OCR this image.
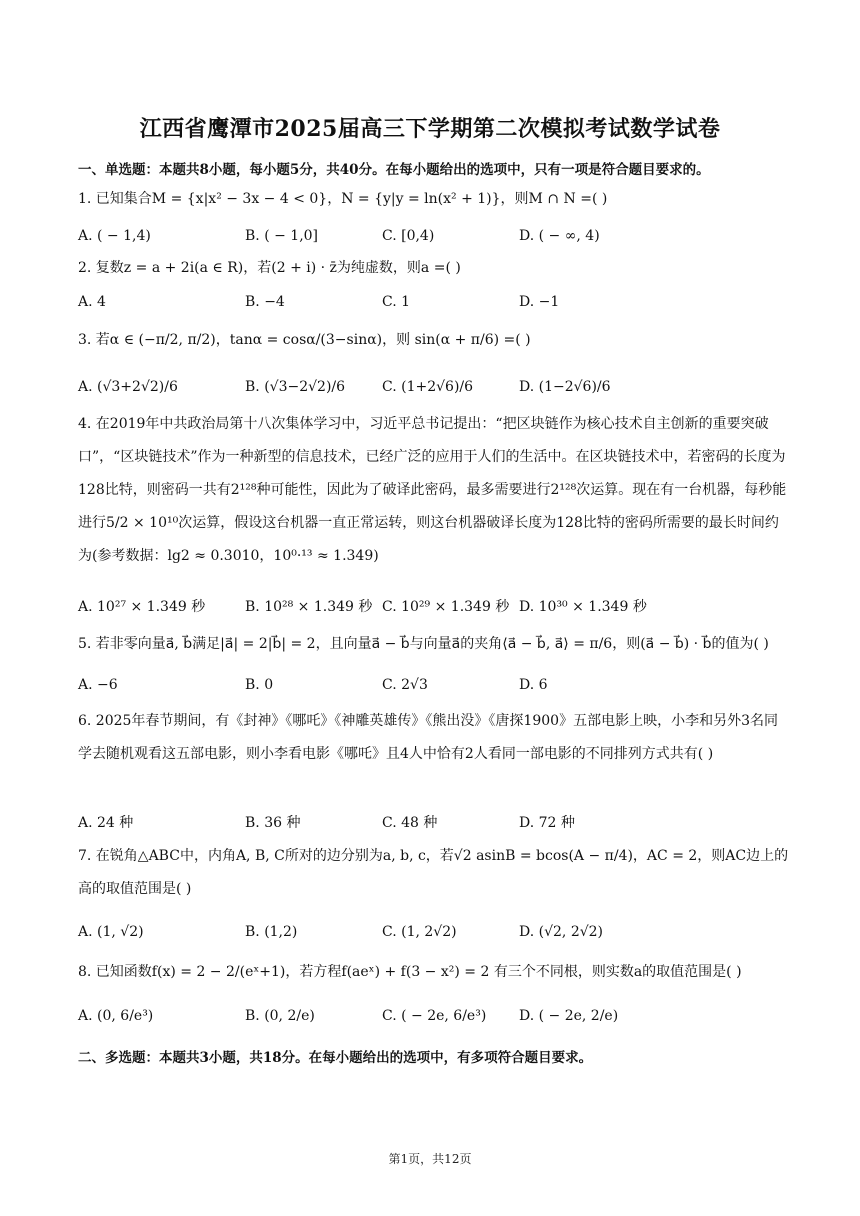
江西省鹰潭市2025届高三下学期第二次模拟考试数学试卷
一、单选题：本题共8小题，每小题5分，共40分。在每小题给出的选项中，只有一项是符合题目要求的。
1. 已知集合M = {x|x² − 3x − 4 < 0}，N = {y|y = ln(x² + 1)}，则M ∩ N =( )
A. ( − 1,4)	B. ( − 1,0]	C. [0,4)	D. ( − ∞, 4)
2. 复数z = a + 2i(a ∈ R)，若(2 + i) · z̄为纯虚数，则a =( )
A. 4	B. −4	C. 1	D. −1
3. 若α ∈ (−π/2, π/2)，tanα = cosα/(3−sinα)，则 sin(α + π/6) =( )
A. (√3+2√2)/6	B. (√3−2√2)/6	C. (1+2√6)/6	D. (1−2√6)/6
4. 在2019年中共政治局第十八次集体学习中，习近平总书记提出：“把区块链作为核心技术自主创新的重要突破口”，“区块链技术”作为一种新型的信息技术，已经广泛的应用于人们的生活中。在区块链技术中，若密码的长度为128比特，则密码一共有2¹²⁸种可能性，因此为了破译此密码，最多需要进行2¹²⁸次运算。现在有一台机器，每秒能进行5/2 × 10¹⁰次运算，假设这台机器一直正常运转，则这台机器破译长度为128比特的密码所需要的最长时间约为(参考数据：lg2 ≈ 0.3010，10⁰·¹³ ≈ 1.349)
A. 10²⁷ × 1.349 秒	B. 10²⁸ × 1.349 秒 C. 10²⁹ × 1.349 秒 D. 10³⁰ × 1.349 秒
5. 若非零向量a⃗, b⃗满足|a⃗| = 2|b⃗| = 2，且向量a⃗ − b⃗与向量a⃗的夹角⟨a⃗ − b⃗, a⃗⟩ = π/6，则(a⃗ − b⃗) · b⃗的值为( )
A. −6	B. 0	C. 2√3	D. 6
6. 2025年春节期间，有《封神》《哪吒》《神雕英雄传》《熊出没》《唐探1900》五部电影上映，小李和另外3名同学去随机观看这五部电影，则小李看电影《哪吒》且4人中恰有2人看同一部电影的不同排列方式共有( )
A. 24 种	B. 36 种	C. 48 种	D. 72 种
7. 在锐角△ABC中，内角A, B, C所对的边分别为a, b, c，若√2 asinB = bcos(A − π/4)，AC = 2，则AC边上的高的取值范围是( )
A. (1, √2)	B. (1,2)	C. (1, 2√2)	D. (√2, 2√2)
8. 已知函数f(x) = 2 − 2/(eˣ+1)，若方程f(aeˣ) + f(3 − x²) = 2 有三个不同根，则实数a的取值范围是( )
A. (0, 6/e³)	B. (0, 2/e)	C. ( − 2e, 6/e³) D. ( − 2e, 2/e)
二、多选题：本题共3小题，共18分。在每小题给出的选项中，有多项符合题目要求。
第1页，共12页
